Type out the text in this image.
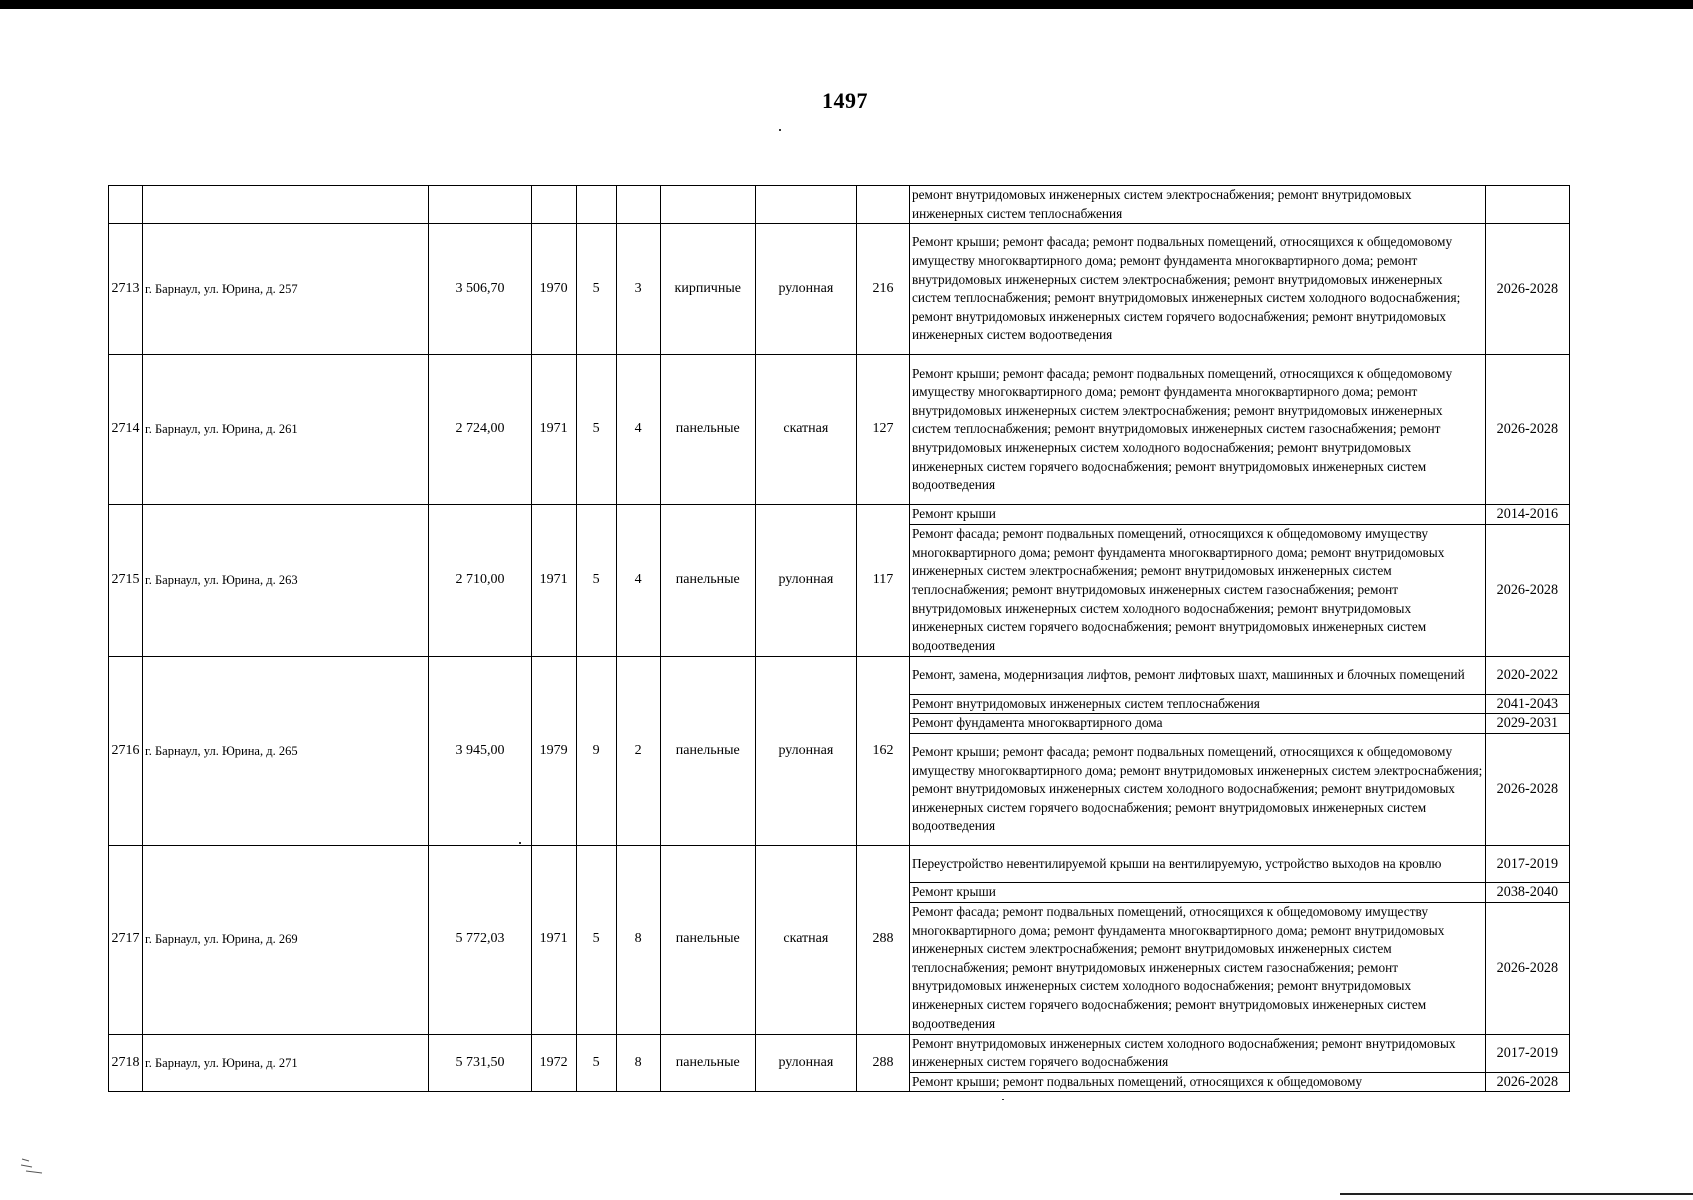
1497
									ремонт внутридомовых инженерных систем электроснабжения; ремонт внутридомовых инженерных систем теплоснабжения	
2713	г. Барнаул, ул. Юрина, д. 257	3 506,70	1970	5	3	кирпичные	рулонная	216	Ремонт крыши; ремонт фасада; ремонт подвальных помещений, относящихся к общедомовому имуществу многоквартирного дома; ремонт фундамента многоквартирного дома; ремонт внутридомовых инженерных систем электроснабжения; ремонт внутридомовых инженерных систем теплоснабжения; ремонт внутридомовых инженерных систем холодного водоснабжения; ремонт внутридомовых инженерных систем горячего водоснабжения; ремонт внутридомовых инженерных систем водоотведения	2026-2028
2714	г. Барнаул, ул. Юрина, д. 261	2 724,00	1971	5	4	панельные	скатная	127	Ремонт крыши; ремонт фасада; ремонт подвальных помещений, относящихся к общедомовому имуществу многоквартирного дома; ремонт фундамента многоквартирного дома; ремонт внутридомовых инженерных систем электроснабжения; ремонт внутридомовых инженерных систем теплоснабжения; ремонт внутридомовых инженерных систем газоснабжения; ремонт внутридомовых инженерных систем холодного водоснабжения; ремонт внутридомовых инженерных систем горячего водоснабжения; ремонт внутридомовых инженерных систем водоотведения	2026-2028
2715	г. Барнаул, ул. Юрина, д. 263	2 710,00	1971	5	4	панельные	рулонная	117	Ремонт крыши	2014-2016
									Ремонт фасада; ремонт подвальных помещений, относящихся к общедомовому имуществу многоквартирного дома; ремонт фундамента многоквартирного дома; ремонт внутридомовых инженерных систем электроснабжения; ремонт внутридомовых инженерных систем теплоснабжения; ремонт внутридомовых инженерных систем газоснабжения; ремонт внутридомовых инженерных систем холодного водоснабжения; ремонт внутридомовых инженерных систем горячего водоснабжения; ремонт внутридомовых инженерных систем водоотведения	2026-2028
2716	г. Барнаул, ул. Юрина, д. 265	3 945,00	1979	9	2	панельные	рулонная	162	Ремонт, замена, модернизация лифтов, ремонт лифтовых шахт, машинных и блочных помещений	2020-2022
									Ремонт внутридомовых инженерных систем теплоснабжения	2041-2043
									Ремонт фундамента многоквартирного дома	2029-2031
									Ремонт крыши; ремонт фасада; ремонт подвальных помещений, относящихся к общедомовому имуществу многоквартирного дома; ремонт внутридомовых инженерных систем электроснабжения; ремонт внутридомовых инженерных систем холодного водоснабжения; ремонт внутридомовых инженерных систем горячего водоснабжения; ремонт внутридомовых инженерных систем водоотведения	2026-2028
2717	г. Барнаул, ул. Юрина, д. 269	5 772,03	1971	5	8	панельные	скатная	288	Переустройство невентилируемой крыши на вентилируемую, устройство выходов на кровлю	2017-2019
									Ремонт крыши	2038-2040
									Ремонт фасада; ремонт подвальных помещений, относящихся к общедомовому имуществу многоквартирного дома; ремонт фундамента многоквартирного дома; ремонт внутридомовых инженерных систем электроснабжения; ремонт внутридомовых инженерных систем теплоснабжения; ремонт внутридомовых инженерных систем газоснабжения; ремонт внутридомовых инженерных систем холодного водоснабжения; ремонт внутридомовых инженерных систем горячего водоснабжения; ремонт внутридомовых инженерных систем водоотведения	2026-2028
2718	г. Барнаул, ул. Юрина, д. 271	5 731,50	1972	5	8	панельные	рулонная	288	Ремонт внутридомовых инженерных систем холодного водоснабжения; ремонт внутридомовых инженерных систем горячего водоснабжения	2017-2019
									Ремонт крыши; ремонт подвальных помещений, относящихся к общедомовому	2026-2028
